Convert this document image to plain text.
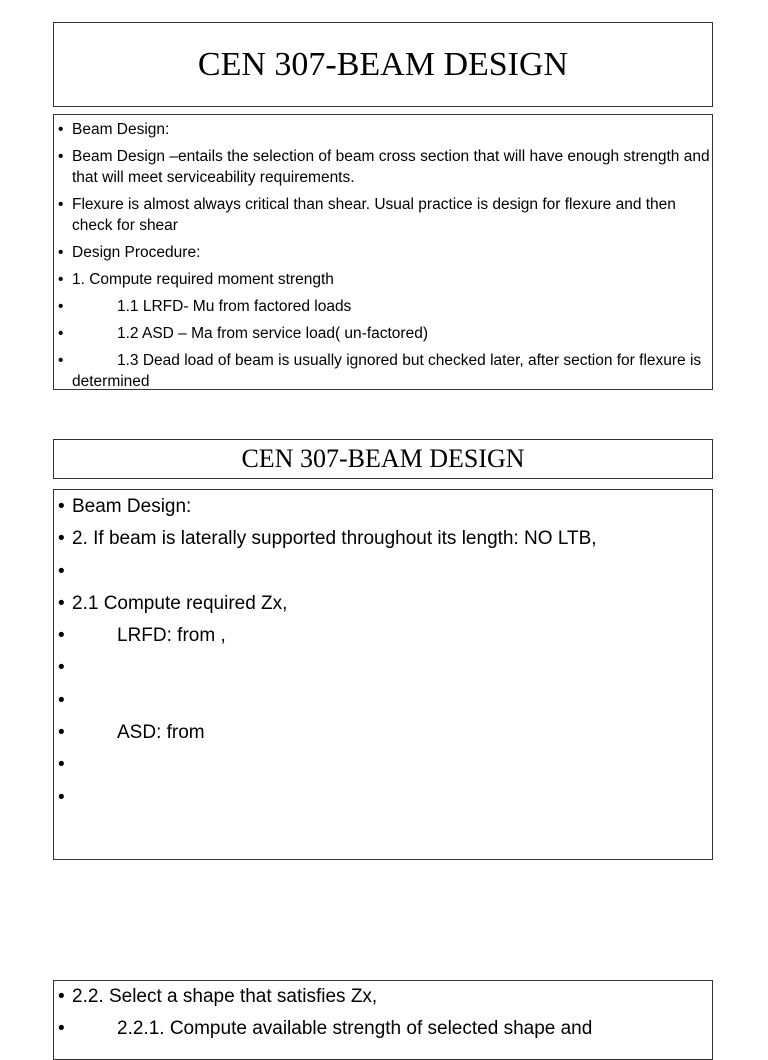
CEN 307-BEAM DESIGN
• Beam Design:
• Beam Design –entails the selection of beam cross section that will have enough strength and that will meet serviceability requirements.
• Flexure is almost always critical than shear. Usual practice is design for flexure and then check for shear
• Design Procedure:
• 1. Compute required moment strength
• 1.1 LRFD- Mu from factored loads
• 1.2 ASD – Ma from service load( un-factored)
• 1.3 Dead load of beam is usually ignored but checked later, after section for flexure is determined
CEN 307-BEAM DESIGN
• Beam Design:
• 2. If beam is laterally supported throughout its length: NO LTB,
•
• 2.1 Compute required Zx,
• LRFD: from ,
•
•
• ASD: from
•
•
• 2.2. Select a shape that satisfies Zx,
• 2.2.1. Compute available strength of selected shape and
